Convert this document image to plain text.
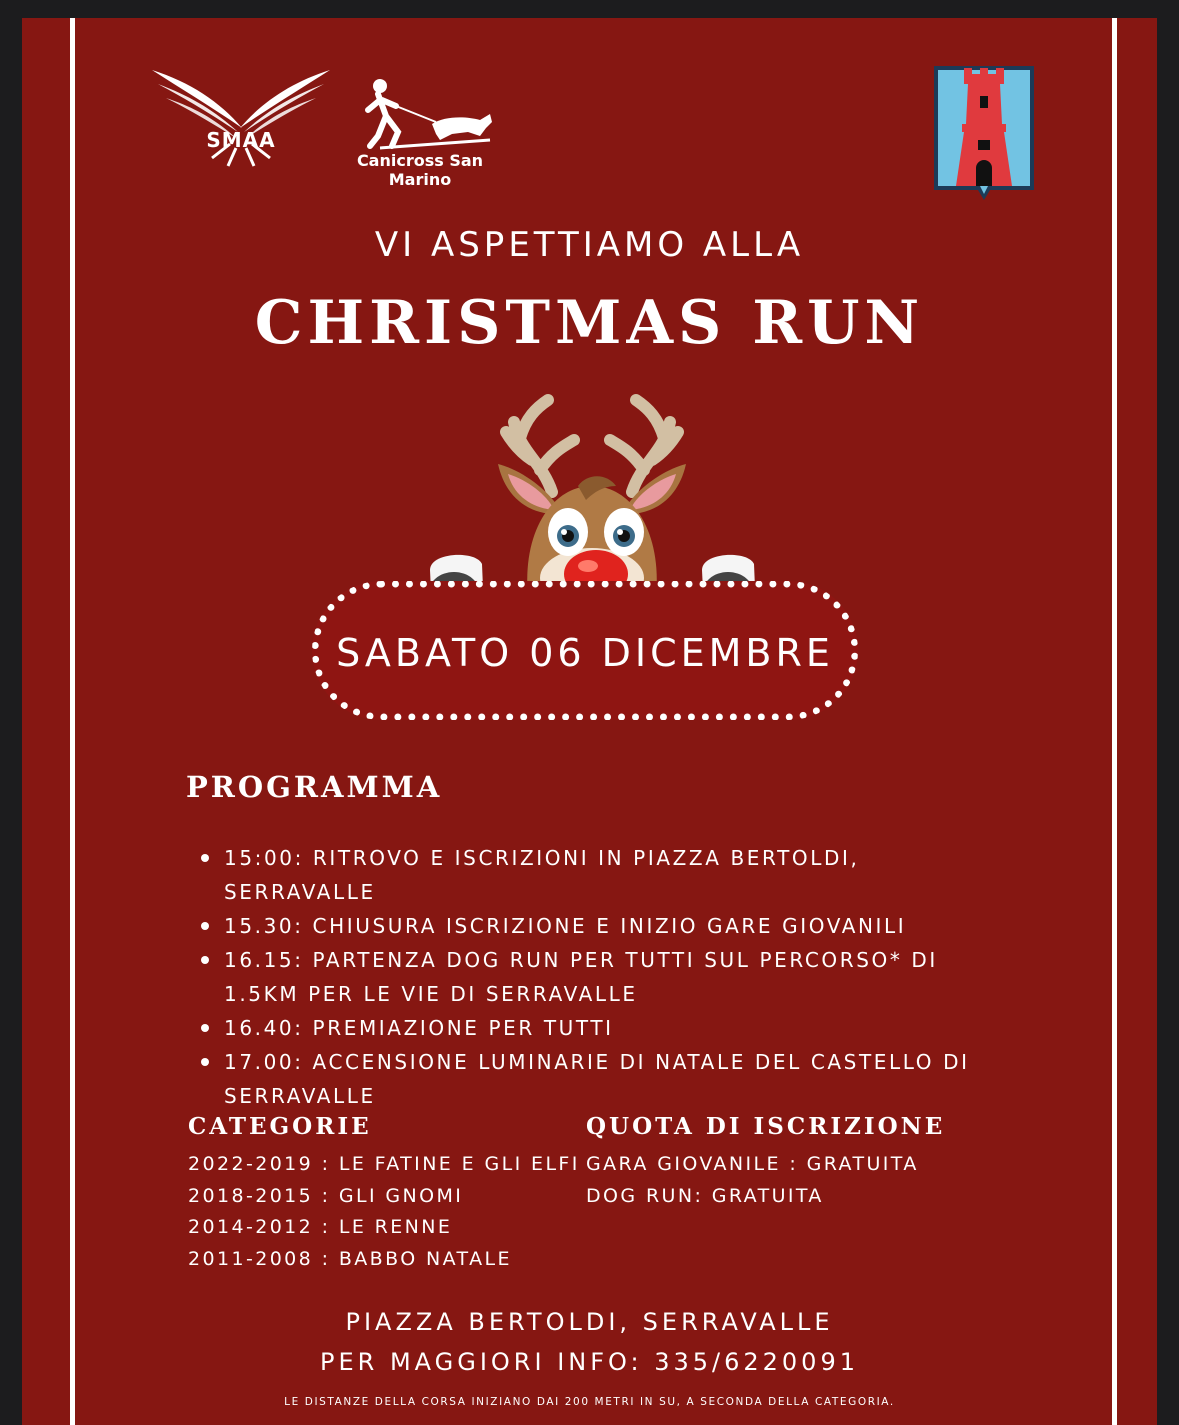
SMAA
Canicross San Marino
VI ASPETTIAMO ALLA
CHRISTMAS RUN
SABATO 06 DICEMBRE
PROGRAMMA
15:00: RITROVO E ISCRIZIONI IN PIAZZA BERTOLDI, SERRAVALLE
15.30: CHIUSURA ISCRIZIONE E INIZIO GARE GIOVANILI
16.15: PARTENZA DOG RUN PER TUTTI SUL PERCORSO* DI 1.5KM PER LE VIE DI SERRAVALLE
16.40: PREMIAZIONE PER TUTTI
17.00: ACCENSIONE LUMINARIE DI NATALE DEL CASTELLO DI SERRAVALLE
CATEGORIE
2022-2019 : LE FATINE E GLI ELFI
2018-2015 : GLI GNOMI
2014-2012 : LE RENNE
2011-2008 : BABBO NATALE
QUOTA DI ISCRIZIONE
GARA GIOVANILE : GRATUITA
DOG RUN: GRATUITA
PIAZZA BERTOLDI, SERRAVALLE
PER MAGGIORI INFO: 335/6220091
LE DISTANZE DELLA CORSA INIZIANO DAI 200 METRI IN SU, A SECONDA DELLA CATEGORIA.
